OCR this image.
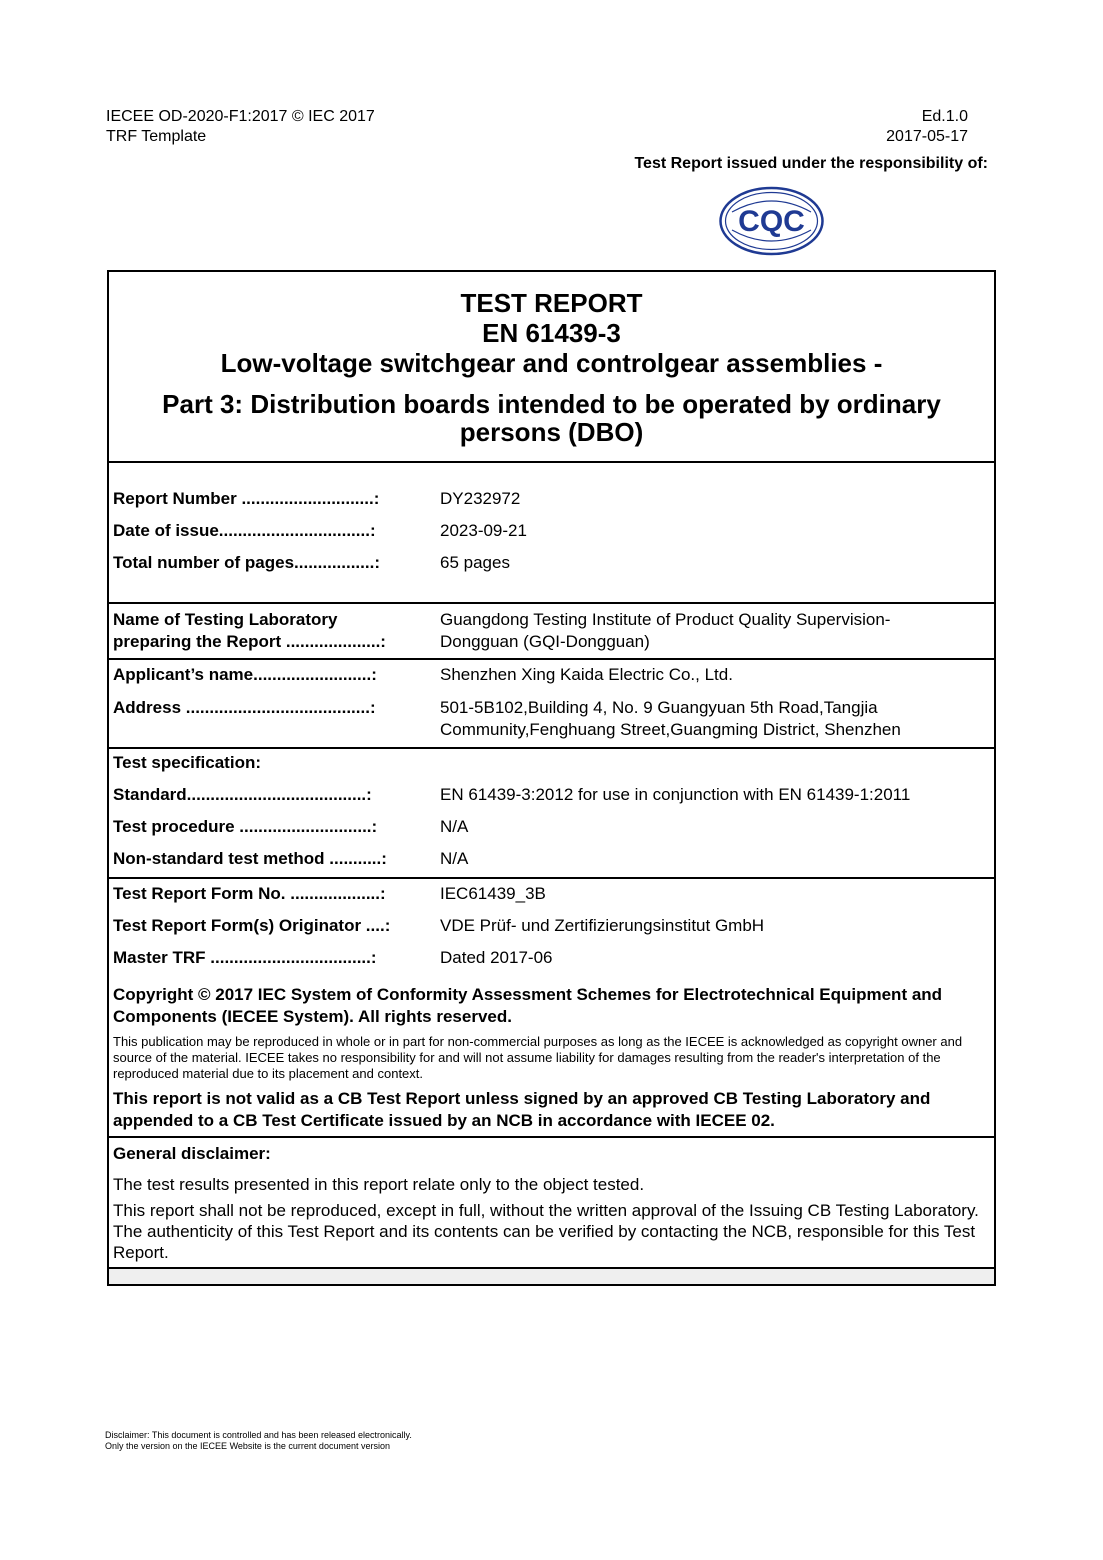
IECEE OD-2020-F1:2017 © IEC 2017
TRF Template
Ed.1.0
2017-05-17
Test Report issued under the responsibility of:
CQC
TEST REPORT
EN 61439-3
Low-voltage switchgear and controlgear assemblies -
Part 3: Distribution boards intended to be operated by ordinary persons (DBO)
Report Number ............................:	DY232972
Date of issue................................:	2023-09-21
Total number of pages.................:	65 pages
Name of Testing Laboratory
preparing the Report ....................:
Guangdong Testing Institute of Product Quality Supervision-
Dongguan (GQI-Dongguan)
Applicant’s name.........................:	Shenzhen Xing Kaida Electric Co., Ltd.
Address .......................................:	501-5B102,Building 4, No. 9 Guangyuan 5th Road,Tangjia
Community,Fenghuang Street,Guangming District, Shenzhen
Test specification:
Standard......................................:	EN 61439-3:2012 for use in conjunction with EN 61439-1:2011
Test procedure ............................:	N/A
Non-standard test method ...........:	N/A
Test Report Form No. ...................:	IEC61439_3B
Test Report Form(s) Originator ....:	VDE Prüf- und Zertifizierungsinstitut GmbH
Master TRF ..................................:	Dated 2017-06
Copyright © 2017 IEC System of Conformity Assessment Schemes for Electrotechnical Equipment and Components (IECEE System). All rights reserved.
This publication may be reproduced in whole or in part for non-commercial purposes as long as the IECEE is acknowledged as copyright owner and source of the material. IECEE takes no responsibility for and will not assume liability for damages resulting from the reader's interpretation of the reproduced material due to its placement and context.
This report is not valid as a CB Test Report unless signed by an approved CB Testing Laboratory and appended to a CB Test Certificate issued by an NCB in accordance with IECEE 02.
General disclaimer:
The test results presented in this report relate only to the object tested.
This report shall not be reproduced, except in full, without the written approval of the Issuing CB Testing Laboratory. The authenticity of this Test Report and its contents can be verified by contacting the NCB, responsible for this Test Report.
Disclaimer: This document is controlled and has been released electronically.
Only the version on the IECEE Website is the current document version
